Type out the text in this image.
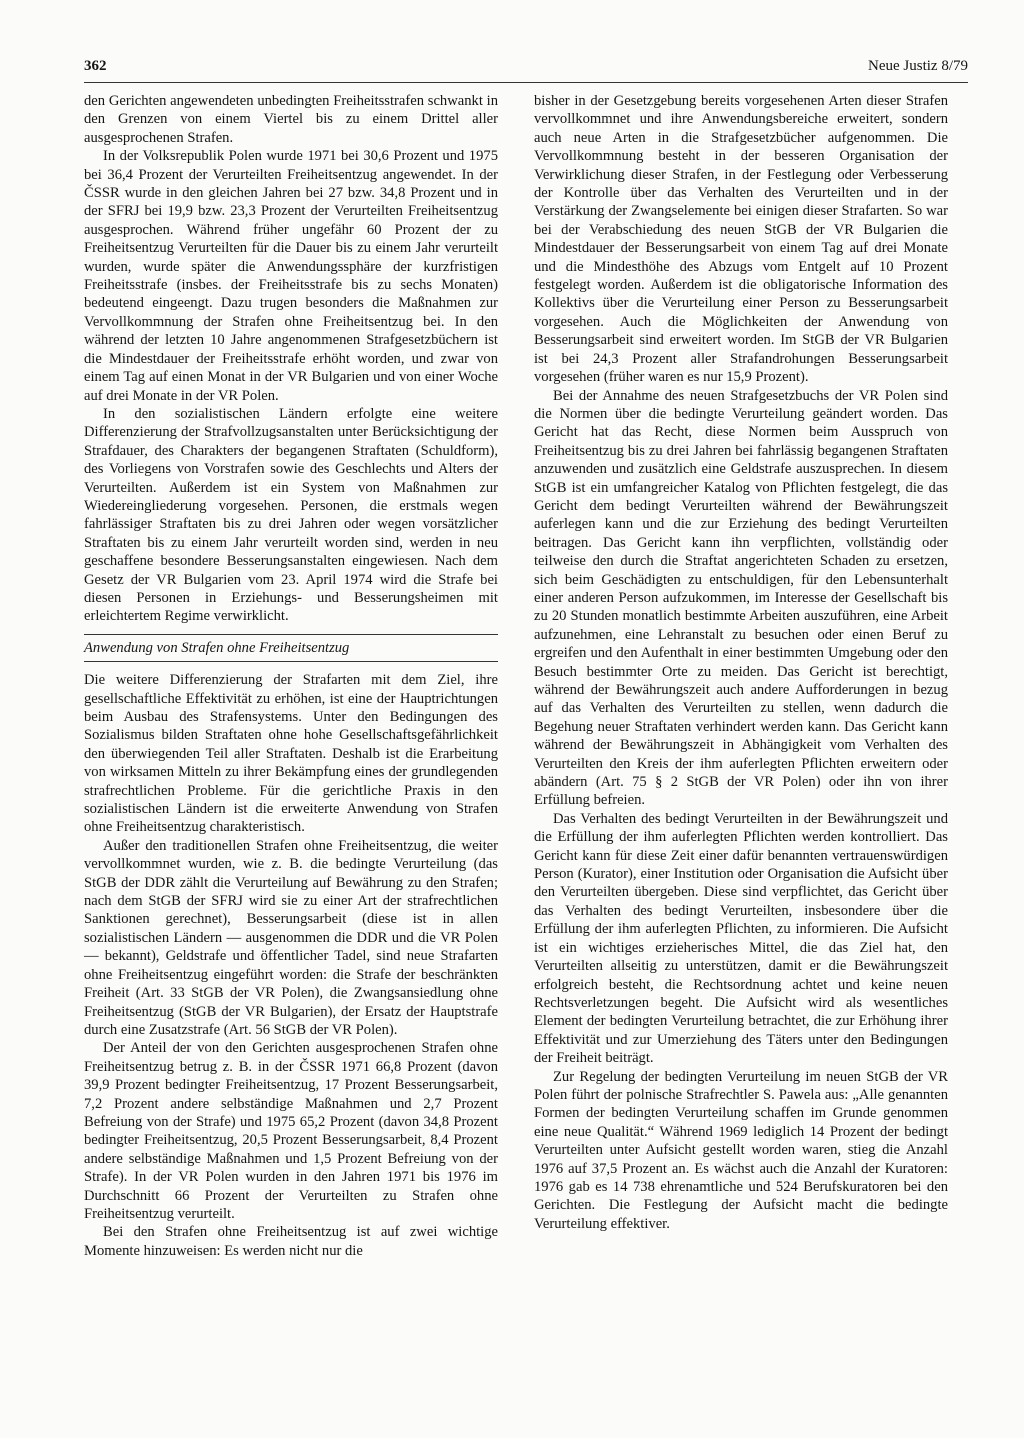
362	Neue Justiz 8/79

den Gerichten angewendeten unbedingten Freiheitsstrafen schwankt in den Grenzen von einem Viertel bis zu einem Drittel aller ausgesprochenen Strafen.

In der Volksrepublik Polen wurde 1971 bei 30,6 Prozent und 1975 bei 36,4 Prozent der Verurteilten Freiheitsentzug angewendet. In der ČSSR wurde in den gleichen Jahren bei 27 bzw. 34,8 Prozent und in der SFRJ bei 19,9 bzw. 23,3 Prozent der Verurteilten Freiheitsentzug ausgesprochen. Während früher ungefähr 60 Prozent der zu Freiheitsentzug Verurteilten für die Dauer bis zu einem Jahr verurteilt wurden, wurde später die Anwendungssphäre der kurzfristigen Freiheitsstrafe (insbes. der Freiheitsstrafe bis zu sechs Monaten) bedeutend eingeengt. Dazu trugen besonders die Maßnahmen zur Vervollkommnung der Strafen ohne Freiheitsentzug bei. In den während der letzten 10 Jahre angenommenen Strafgesetzbüchern ist die Mindestdauer der Freiheitsstrafe erhöht worden, und zwar von einem Tag auf einen Monat in der VR Bulgarien und von einer Woche auf drei Monate in der VR Polen.

In den sozialistischen Ländern erfolgte eine weitere Differenzierung der Strafvollzugsanstalten unter Berücksichtigung der Strafdauer, des Charakters der begangenen Straftaten (Schuldform), des Vorliegens von Vorstrafen sowie des Geschlechts und Alters der Verurteilten. Außerdem ist ein System von Maßnahmen zur Wiedereingliederung vorgesehen. Personen, die erstmals wegen fahrlässiger Straftaten bis zu drei Jahren oder wegen vorsätzlicher Straftaten bis zu einem Jahr verurteilt worden sind, werden in neu geschaffene besondere Besserungsanstalten eingewiesen. Nach dem Gesetz der VR Bulgarien vom 23. April 1974 wird die Strafe bei diesen Personen in Erziehungs- und Besserungsheimen mit erleichtertem Regime verwirklicht.

Anwendung von Strafen ohne Freiheitsentzug

Die weitere Differenzierung der Strafarten mit dem Ziel, ihre gesellschaftliche Effektivität zu erhöhen, ist eine der Hauptrichtungen beim Ausbau des Strafensystems. Unter den Bedingungen des Sozialismus bilden Straftaten ohne hohe Gesellschaftsgefährlichkeit den überwiegenden Teil aller Straftaten. Deshalb ist die Erarbeitung von wirksamen Mitteln zu ihrer Bekämpfung eines der grundlegenden strafrechtlichen Probleme. Für die gerichtliche Praxis in den sozialistischen Ländern ist die erweiterte Anwendung von Strafen ohne Freiheitsentzug charakteristisch.

Außer den traditionellen Strafen ohne Freiheitsentzug, die weiter vervollkommnet wurden, wie z. B. die bedingte Verurteilung (das StGB der DDR zählt die Verurteilung auf Bewährung zu den Strafen; nach dem StGB der SFRJ wird sie zu einer Art der strafrechtlichen Sanktionen gerechnet), Besserungsarbeit (diese ist in allen sozialistischen Ländern — ausgenommen die DDR und die VR Polen — bekannt), Geldstrafe und öffentlicher Tadel, sind neue Strafarten ohne Freiheitsentzug eingeführt worden: die Strafe der beschränkten Freiheit (Art. 33 StGB der VR Polen), die Zwangsansiedlung ohne Freiheitsentzug (StGB der VR Bulgarien), der Ersatz der Hauptstrafe durch eine Zusatzstrafe (Art. 56 StGB der VR Polen).

Der Anteil der von den Gerichten ausgesprochenen Strafen ohne Freiheitsentzug betrug z. B. in der ČSSR 1971 66,8 Prozent (davon 39,9 Prozent bedingter Freiheitsentzug, 17 Prozent Besserungsarbeit, 7,2 Prozent andere selbständige Maßnahmen und 2,7 Prozent Befreiung von der Strafe) und 1975 65,2 Prozent (davon 34,8 Prozent bedingter Freiheitsentzug, 20,5 Prozent Besserungsarbeit, 8,4 Prozent andere selbständige Maßnahmen und 1,5 Prozent Befreiung von der Strafe). In der VR Polen wurden in den Jahren 1971 bis 1976 im Durchschnitt 66 Prozent der Verurteilten zu Strafen ohne Freiheitsentzug verurteilt.

Bei den Strafen ohne Freiheitsentzug ist auf zwei wichtige Momente hinzuweisen: Es werden nicht nur die

bisher in der Gesetzgebung bereits vorgesehenen Arten dieser Strafen vervollkommnet und ihre Anwendungsbereiche erweitert, sondern auch neue Arten in die Strafgesetzbücher aufgenommen. Die Vervollkommnung besteht in der besseren Organisation der Verwirklichung dieser Strafen, in der Festlegung oder Verbesserung der Kontrolle über das Verhalten des Verurteilten und in der Verstärkung der Zwangselemente bei einigen dieser Strafarten. So war bei der Verabschiedung des neuen StGB der VR Bulgarien die Mindestdauer der Besserungsarbeit von einem Tag auf drei Monate und die Mindesthöhe des Abzugs vom Entgelt auf 10 Prozent festgelegt worden. Außerdem ist die obligatorische Information des Kollektivs über die Verurteilung einer Person zu Besserungsarbeit vorgesehen. Auch die Möglichkeiten der Anwendung von Besserungsarbeit sind erweitert worden. Im StGB der VR Bulgarien ist bei 24,3 Prozent aller Strafandrohungen Besserungsarbeit vorgesehen (früher waren es nur 15,9 Prozent).

Bei der Annahme des neuen Strafgesetzbuchs der VR Polen sind die Normen über die bedingte Verurteilung geändert worden. Das Gericht hat das Recht, diese Normen beim Ausspruch von Freiheitsentzug bis zu drei Jahren bei fahrlässig begangenen Straftaten anzuwenden und zusätzlich eine Geldstrafe auszusprechen. In diesem StGB ist ein umfangreicher Katalog von Pflichten festgelegt, die das Gericht dem bedingt Verurteilten während der Bewährungszeit auferlegen kann und die zur Erziehung des bedingt Verurteilten beitragen. Das Gericht kann ihn verpflichten, vollständig oder teilweise den durch die Straftat angerichteten Schaden zu ersetzen, sich beim Geschädigten zu entschuldigen, für den Lebensunterhalt einer anderen Person aufzukommen, im Interesse der Gesellschaft bis zu 20 Stunden monatlich bestimmte Arbeiten auszuführen, eine Arbeit aufzunehmen, eine Lehranstalt zu besuchen oder einen Beruf zu ergreifen und den Aufenthalt in einer bestimmten Umgebung oder den Besuch bestimmter Orte zu meiden. Das Gericht ist berechtigt, während der Bewährungszeit auch andere Aufforderungen in bezug auf das Verhalten des Verurteilten zu stellen, wenn dadurch die Begehung neuer Straftaten verhindert werden kann. Das Gericht kann während der Bewährungszeit in Abhängigkeit vom Verhalten des Verurteilten den Kreis der ihm auferlegten Pflichten erweitern oder abändern (Art. 75 § 2 StGB der VR Polen) oder ihn von ihrer Erfüllung befreien.

Das Verhalten des bedingt Verurteilten in der Bewährungszeit und die Erfüllung der ihm auferlegten Pflichten werden kontrolliert. Das Gericht kann für diese Zeit einer dafür benannten vertrauenswürdigen Person (Kurator), einer Institution oder Organisation die Aufsicht über den Verurteilten übergeben. Diese sind verpflichtet, das Gericht über das Verhalten des bedingt Verurteilten, insbesondere über die Erfüllung der ihm auferlegten Pflichten, zu informieren. Die Aufsicht ist ein wichtiges erzieherisches Mittel, die das Ziel hat, den Verurteilten allseitig zu unterstützen, damit er die Bewährungszeit erfolgreich besteht, die Rechtsordnung achtet und keine neuen Rechtsverletzungen begeht. Die Aufsicht wird als wesentliches Element der bedingten Verurteilung betrachtet, die zur Erhöhung ihrer Effektivität und zur Umerziehung des Täters unter den Bedingungen der Freiheit beiträgt.

Zur Regelung der bedingten Verurteilung im neuen StGB der VR Polen führt der polnische Strafrechtler S. Pawela aus: „Alle genannten Formen der bedingten Verurteilung schaffen im Grunde genommen eine neue Qualität.“ Während 1969 lediglich 14 Prozent der bedingt Verurteilten unter Aufsicht gestellt worden waren, stieg die Anzahl 1976 auf 37,5 Prozent an. Es wächst auch die Anzahl der Kuratoren: 1976 gab es 14 738 ehrenamtliche und 524 Berufskuratoren bei den Gerichten. Die Festlegung der Aufsicht macht die bedingte Verurteilung effektiver.
